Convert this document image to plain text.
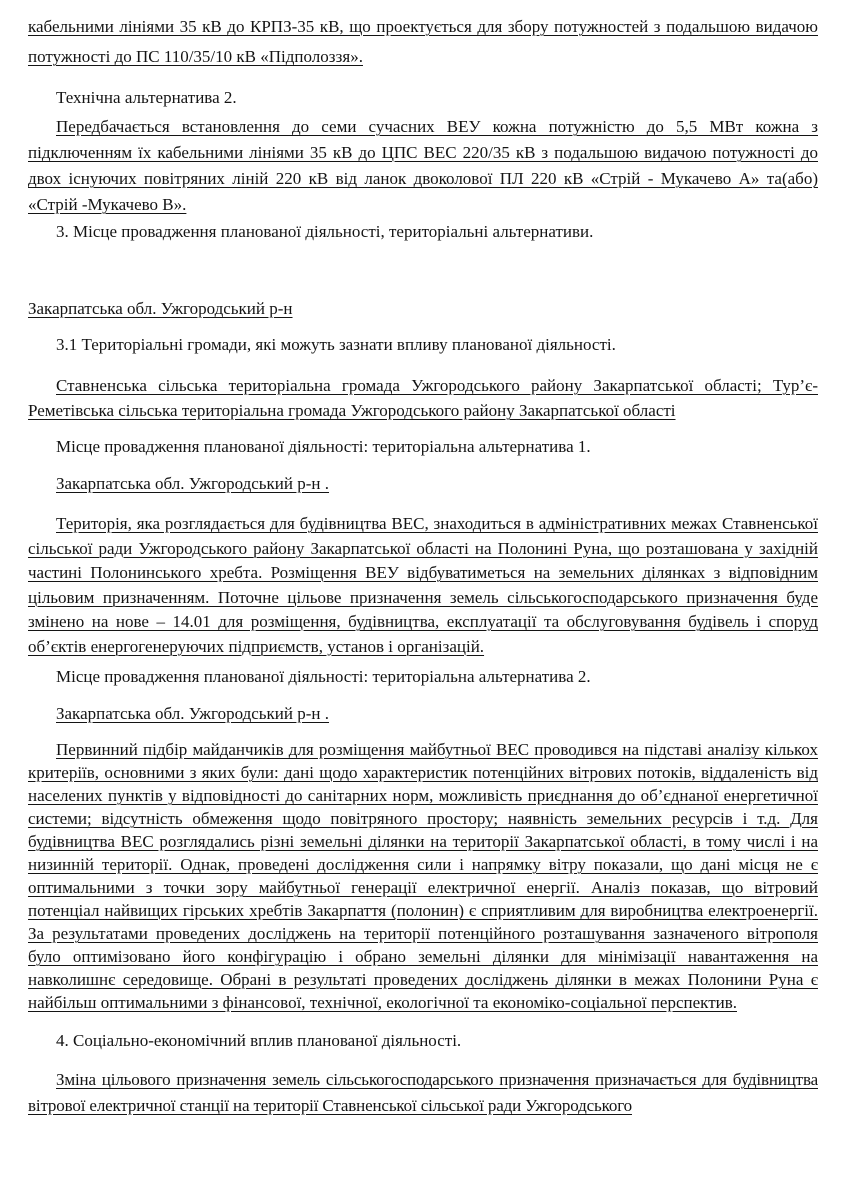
кабельними лініями 35 кВ до КРПЗ-35 кВ, що проектується для збору потужностей з подальшою видачою потужності до ПС 110/35/10 кВ «Підполоззя».

Технічна альтернатива 2.

Передбачається встановлення до семи сучасних ВЕУ кожна потужністю до 5,5 МВт кожна з підключенням їх кабельними лініями 35 кВ до ЦПС ВЕС 220/35 кВ з подальшою видачою потужності до двох існуючих повітряних ліній 220 кВ від ланок двоколової ПЛ 220 кВ «Стрій - Мукачево А» та(або) «Стрій -Мукачево В».

3. Місце провадження планованої діяльності, територіальні альтернативи.

Закарпатська обл. Ужгородський р-н

3.1 Територіальні громади, які можуть зазнати впливу планованої діяльності.

Ставненська сільська територіальна громада Ужгородського району Закарпатської області; Тур’є-Реметівська сільська територіальна громада Ужгородського району Закарпатської області

Місце провадження планованої діяльності: територіальна альтернатива 1.

Закарпатська обл. Ужгородський р-н .

Територія, яка розглядається для будівництва ВЕС, знаходиться в адміністративних межах Ставненської сільської ради Ужгородського району Закарпатської області на Полонині Руна, що розташована у західній частині Полонинського хребта. Розміщення ВЕУ відбуватиметься на земельних ділянках з відповідним цільовим призначенням. Поточне цільове призначення земель сільськогосподарського призначення буде змінено на нове – 14.01 для розміщення, будівництва, експлуатації та обслуговування будівель і споруд об’єктів енергогенеруючих підприємств, установ і організацій.

Місце провадження планованої діяльності: територіальна альтернатива 2.

Закарпатська обл. Ужгородський р-н .

Первинний підбір майданчиків для розміщення майбутньої ВЕС проводився на підставі аналізу кількох критеріїв, основними з яких були: дані щодо характеристик потенційних вітрових потоків, віддаленість від населених пунктів у відповідності до санітарних норм, можливість приєднання до об’єднаної енергетичної системи; відсутність обмеження щодо повітряного простору; наявність земельних ресурсів і т.д. Для будівництва ВЕС розглядались різні земельні ділянки на території Закарпатської області, в тому числі і на низинній території. Однак, проведені дослідження сили і напрямку вітру показали, що дані місця не є оптимальними з точки зору майбутньої генерації електричної енергії. Аналіз показав, що вітровий потенціал найвищих гірських хребтів Закарпаття (полонин) є сприятливим для виробництва електроенергії. За результатами проведених досліджень на території потенційного розташування зазначеного вітрополя було оптимізовано його конфігурацію і обрано земельні ділянки для мінімізації навантаження на навколишнє середовище. Обрані в результаті проведених досліджень ділянки в межах Полонини Руна є найбільш оптимальними з фінансової, технічної, екологічної та економіко-соціальної перспектив.

4. Соціально-економічний вплив планованої діяльності.

Зміна цільового призначення земель сільськогосподарського призначення призначається для будівництва вітрової електричної станції на території Ставненської сільської ради Ужгородського
